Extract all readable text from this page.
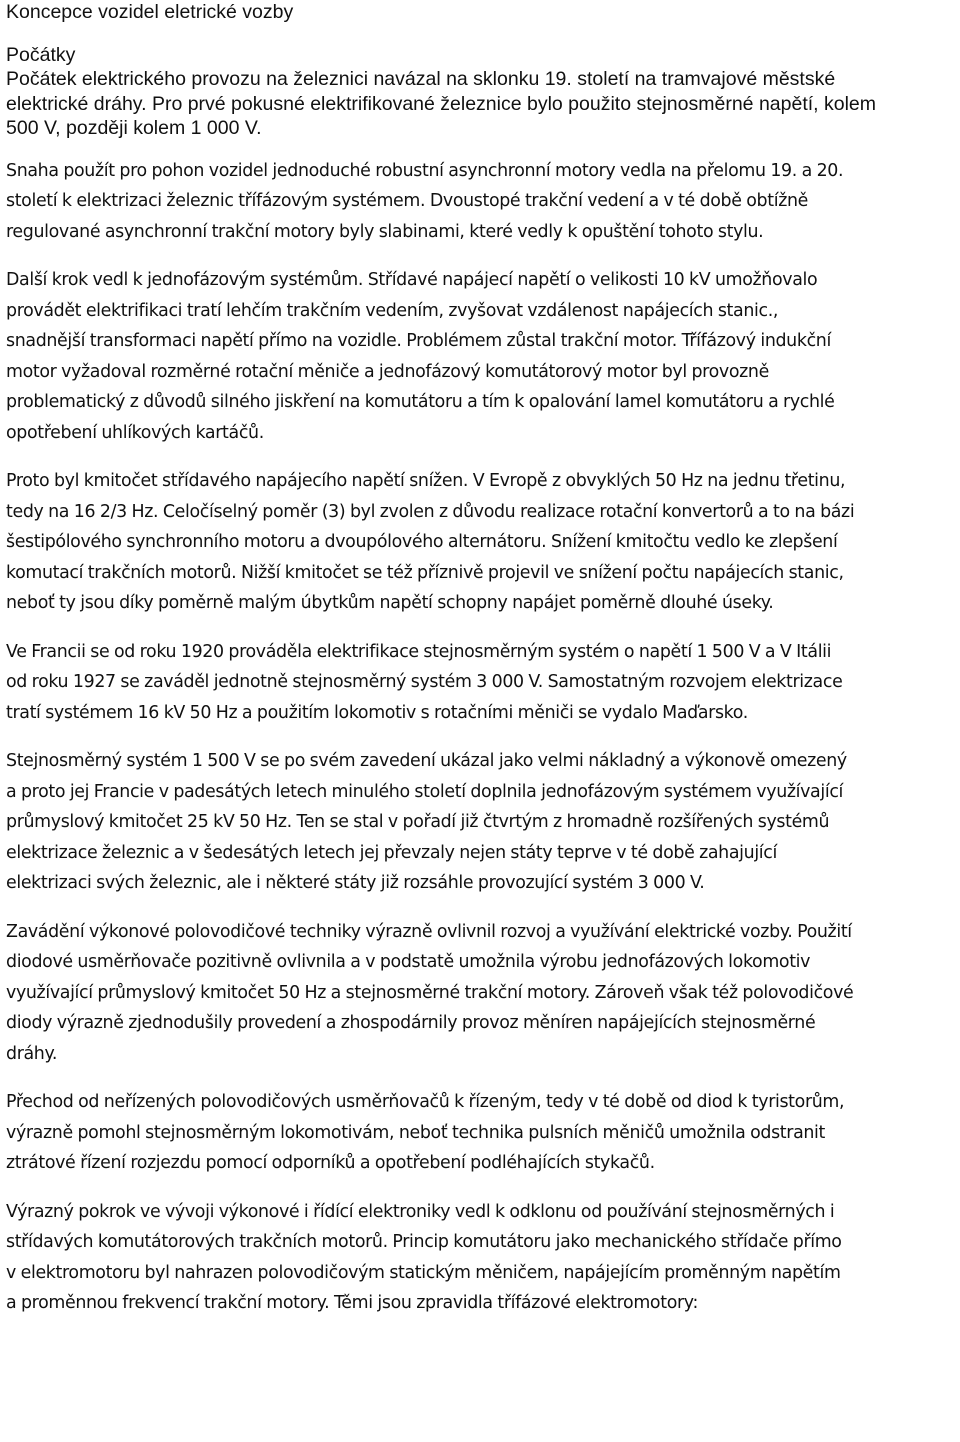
Koncepce vozidel eletrické vozby
Počátky

Počátek elektrického provozu na železnici navázal na sklonku 19. století na tramvajové městské
elektrické dráhy. Pro prvé pokusné elektrifikované železnice bylo použito stejnosměrné napětí, kolem
500 V, později kolem 1 000 V.

Snaha použít pro pohon vozidel jednoduché robustní asynchronní motory vedla na přelomu 19. a 20.
století k elektrizaci železnic třífázovým systémem. Dvoustopé trakční vedení a v té době obtížně
regulované asynchronní trakční motory byly slabinami, které vedly k opuštění tohoto stylu.

Další krok vedl k jednofázovým systémům. Střídavé napájecí napětí o velikosti 10 kV umožňovalo
provádět elektrifikaci tratí lehčím trakčním vedením, zvyšovat vzdálenost napájecích stanic.,
snadnější transformaci napětí přímo na vozidle. Problémem zůstal trakční motor. Třífázový indukční
motor vyžadoval rozměrné rotační měniče a jednofázový komutátorový motor byl provozně
problematický z důvodů silného jiskření na komutátoru a tím k opalování lamel komutátoru a rychlé
opotřebení uhlíkových kartáčů.

Proto byl kmitočet střídavého napájecího napětí snížen. V Evropě z obvyklých 50 Hz na jednu třetinu,
tedy na 16 2/3 Hz. Celočíselný poměr (3) byl zvolen z důvodu realizace rotační konvertorů a to na bázi
šestipólového synchronního motoru a dvoupólového alternátoru. Snížení kmitočtu vedlo ke zlepšení
komutací trakčních motorů. Nižší kmitočet se též příznivě projevil ve snížení počtu napájecích stanic,
neboť ty jsou díky poměrně malým úbytkům napětí schopny napájet poměrně dlouhé úseky.

Ve Francii se od roku 1920 prováděla elektrifikace stejnosměrným systém o napětí 1 500 V a V Itálii
od roku 1927 se zaváděl jednotně stejnosměrný systém 3 000 V. Samostatným rozvojem elektrizace
tratí systémem 16 kV 50 Hz a použitím lokomotiv s rotačními měniči se vydalo Maďarsko.

Stejnosměrný systém 1 500 V se po svém zavedení ukázal jako velmi nákladný a výkonově omezený
a proto jej Francie v padesátých letech minulého století doplnila jednofázovým systémem využívající
průmyslový kmitočet 25 kV 50 Hz. Ten se stal v pořadí již čtvrtým z hromadně rozšířených systémů
elektrizace železnic a v šedesátých letech jej převzaly nejen státy teprve v té době zahajující
elektrizaci svých železnic, ale i některé státy již rozsáhle provozující systém 3 000 V.

Zavádění výkonové polovodičové techniky výrazně ovlivnil rozvoj a využívání elektrické vozby. Použití
diodové usměrňovače pozitivně ovlivnila a v podstatě umožnila výrobu jednofázových lokomotiv
využívající průmyslový kmitočet 50 Hz a stejnosměrné trakční motory. Zároveň však též polovodičové
diody výrazně zjednodušily provedení a zhospodárnily provoz měníren napájejících stejnosměrné
dráhy.

Přechod od neřízených polovodičových usměrňovačů k řízeným, tedy v té době od diod k tyristorům,
výrazně pomohl stejnosměrným lokomotivám, neboť technika pulsních měničů umožnila odstranit
ztrátové řízení rozjezdu pomocí odporníků a opotřebení podléhajících stykačů.

Výrazný pokrok ve vývoji výkonové i řídící elektroniky vedl k odklonu od používání stejnosměrných i
střídavých komutátorových trakčních motorů. Princip komutátoru jako mechanického střídače přímo
v elektromotoru byl nahrazen polovodičovým statickým měničem, napájejícím proměnným napětím
a proměnnou frekvencí trakční motory. Těmi jsou zpravidla třífázové elektromotory:
